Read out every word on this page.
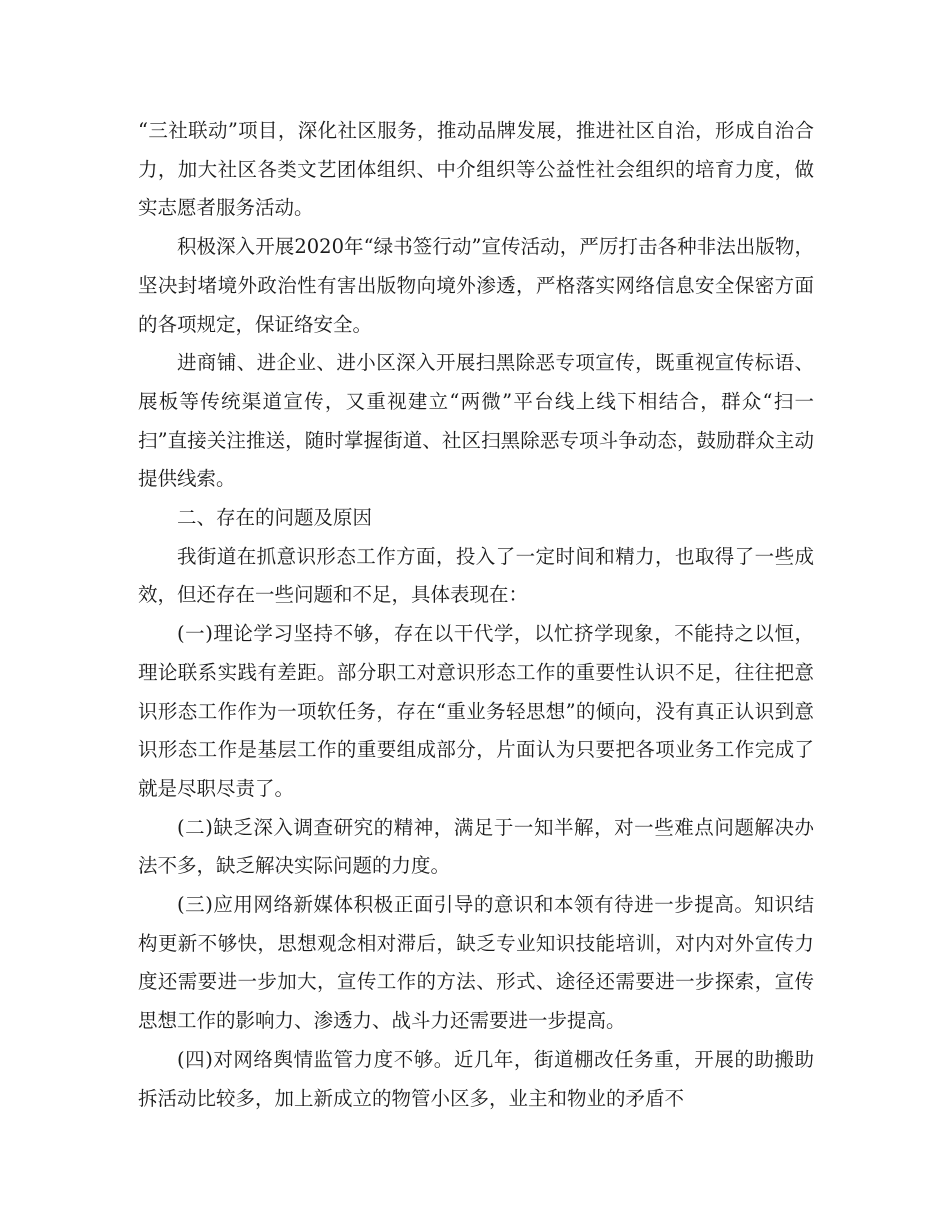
“三社联动”项目，深化社区服务，推动品牌发展，推进社区自治，形成自治合力，加大社区各类文艺团体组织、中介组织等公益性社会组织的培育力度，做实志愿者服务活动。

积极深入开展2020年“绿书签行动”宣传活动，严厉打击各种非法出版物，坚决封堵境外政治性有害出版物向境外渗透，严格落实网络信息安全保密方面的各项规定，保证络安全。

进商铺、进企业、进小区深入开展扫黑除恶专项宣传，既重视宣传标语、展板等传统渠道宣传，又重视建立“两微”平台线上线下相结合，群众“扫一扫”直接关注推送，随时掌握街道、社区扫黑除恶专项斗争动态，鼓励群众主动提供线索。

二、存在的问题及原因

我街道在抓意识形态工作方面，投入了一定时间和精力，也取得了一些成效，但还存在一些问题和不足，具体表现在：

(一)理论学习坚持不够，存在以干代学，以忙挤学现象，不能持之以恒，理论联系实践有差距。部分职工对意识形态工作的重要性认识不足，往往把意识形态工作作为一项软任务，存在“重业务轻思想”的倾向，没有真正认识到意识形态工作是基层工作的重要组成部分，片面认为只要把各项业务工作完成了就是尽职尽责了。

(二)缺乏深入调查研究的精神，满足于一知半解，对一些难点问题解决办法不多，缺乏解决实际问题的力度。

(三)应用网络新媒体积极正面引导的意识和本领有待进一步提高。知识结构更新不够快，思想观念相对滞后，缺乏专业知识技能培训，对内对外宣传力度还需要进一步加大，宣传工作的方法、形式、途径还需要进一步探索，宣传思想工作的影响力、渗透力、战斗力还需要进一步提高。

(四)对网络舆情监管力度不够。近几年，街道棚改任务重，开展的助搬助拆活动比较多，加上新成立的物管小区多，业主和物业的矛盾不
